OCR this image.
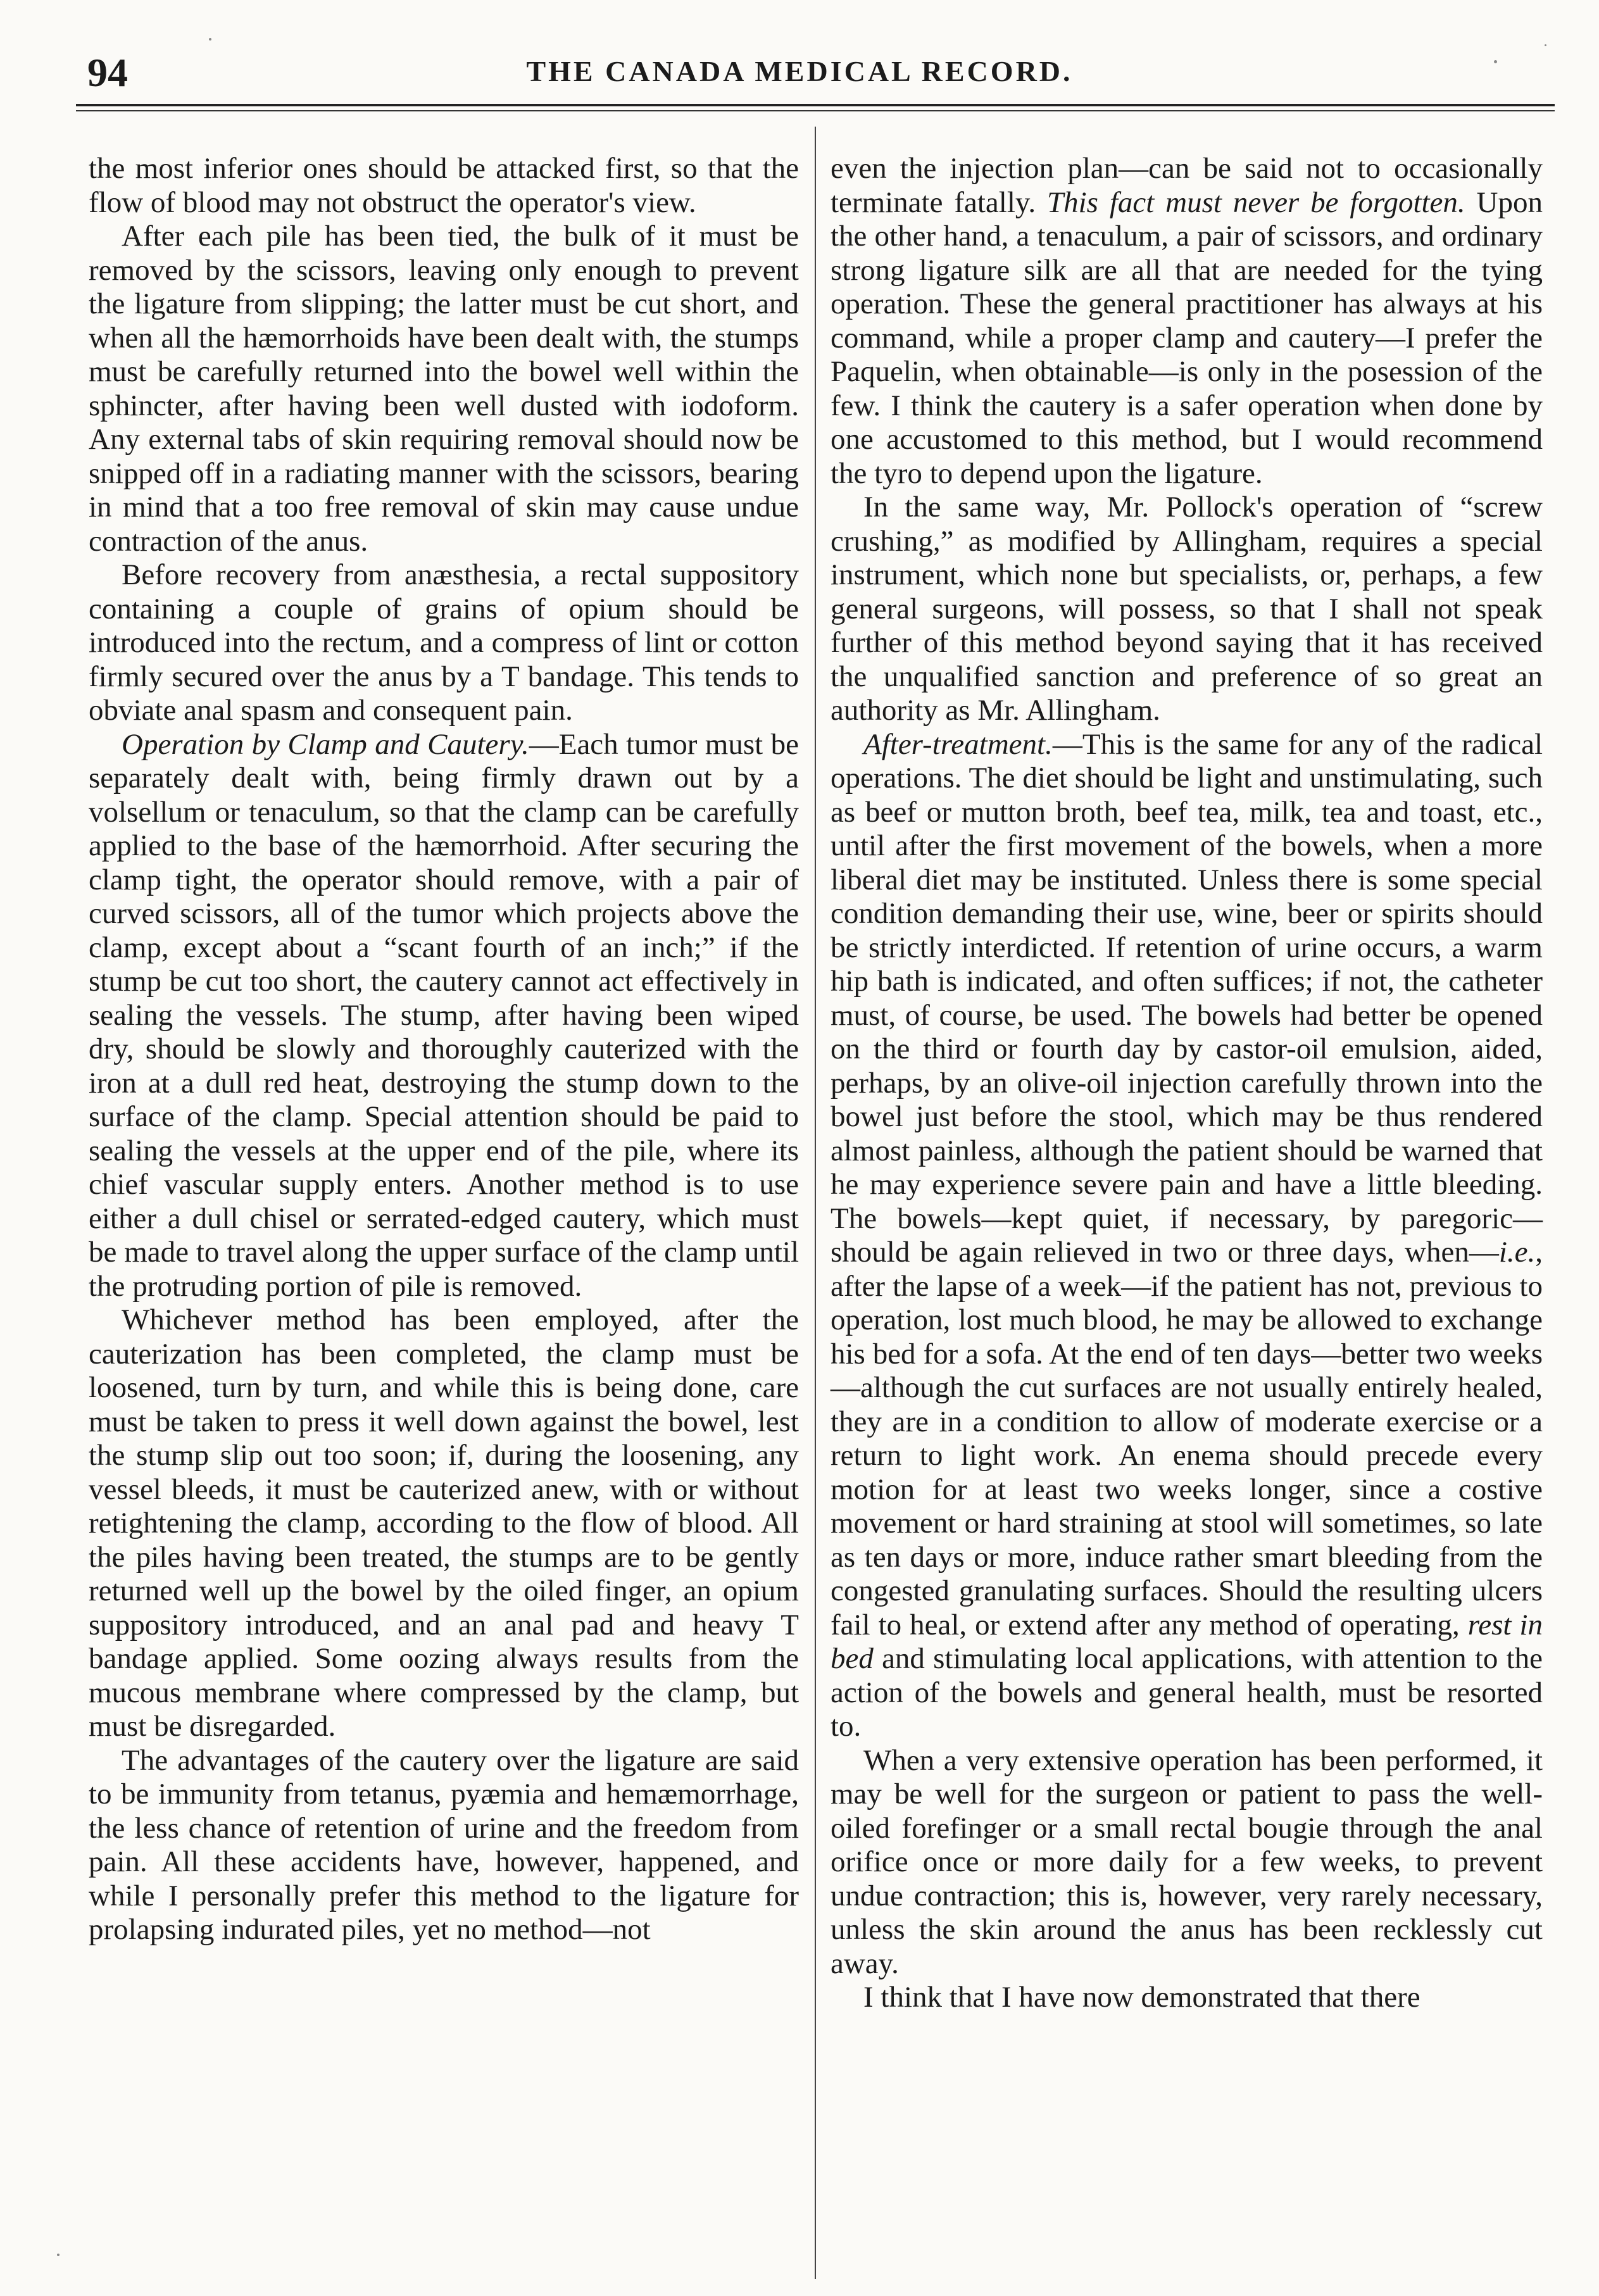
94	THE CANADA MEDICAL RECORD.

the most inferior ones should be attacked first, so that the flow of blood may not obstruct the operator's view.

After each pile has been tied, the bulk of it must be removed by the scissors, leaving only enough to prevent the ligature from slipping; the latter must be cut short, and when all the hæmorrhoids have been dealt with, the stumps must be carefully returned into the bowel well within the sphincter, after having been well dusted with iodoform. Any external tabs of skin requiring removal should now be snipped off in a radiating manner with the scissors, bearing in mind that a too free removal of skin may cause undue contraction of the anus.

Before recovery from anæsthesia, a rectal suppository containing a couple of grains of opium should be introduced into the rectum, and a compress of lint or cotton firmly secured over the anus by a T bandage. This tends to obviate anal spasm and consequent pain.

Operation by Clamp and Cautery.—Each tumor must be separately dealt with, being firmly drawn out by a volsellum or tenaculum, so that the clamp can be carefully applied to the base of the hæmorrhoid. After securing the clamp tight, the operator should remove, with a pair of curved scissors, all of the tumor which projects above the clamp, except about a “scant fourth of an inch;” if the stump be cut too short, the cautery cannot act effectively in sealing the vessels. The stump, after having been wiped dry, should be slowly and thoroughly cauterized with the iron at a dull red heat, destroying the stump down to the surface of the clamp. Special attention should be paid to sealing the vessels at the upper end of the pile, where its chief vascular supply enters. Another method is to use either a dull chisel or serrated-edged cautery, which must be made to travel along the upper surface of the clamp until the protruding portion of pile is removed.

Whichever method has been employed, after the cauterization has been completed, the clamp must be loosened, turn by turn, and while this is being done, care must be taken to press it well down against the bowel, lest the stump slip out too soon; if, during the loosening, any vessel bleeds, it must be cauterized anew, with or without retightening the clamp, according to the flow of blood. All the piles having been treated, the stumps are to be gently returned well up the bowel by the oiled finger, an opium suppository introduced, and an anal pad and heavy T bandage applied. Some oozing always results from the mucous membrane where compressed by the clamp, but must be disregarded.

The advantages of the cautery over the ligature are said to be immunity from tetanus, pyæmia and hemæmorrhage, the less chance of retention of urine and the freedom from pain. All these accidents have, however, happened, and while I personally prefer this method to the ligature for prolapsing indurated piles, yet no method—not

even the injection plan—can be said not to occasionally terminate fatally. This fact must never be forgotten. Upon the other hand, a tenaculum, a pair of scissors, and ordinary strong ligature silk are all that are needed for the tying operation. These the general practitioner has always at his command, while a proper clamp and cautery—I prefer the Paquelin, when obtainable—is only in the posession of the few. I think the cautery is a safer operation when done by one accustomed to this method, but I would recommend the tyro to depend upon the ligature.

In the same way, Mr. Pollock's operation of “screw crushing,” as modified by Allingham, requires a special instrument, which none but specialists, or, perhaps, a few general surgeons, will possess, so that I shall not speak further of this method beyond saying that it has received the unqualified sanction and preference of so great an authority as Mr. Allingham.

After-treatment.—This is the same for any of the radical operations. The diet should be light and unstimulating, such as beef or mutton broth, beef tea, milk, tea and toast, etc., until after the first movement of the bowels, when a more liberal diet may be instituted. Unless there is some special condition demanding their use, wine, beer or spirits should be strictly interdicted. If retention of urine occurs, a warm hip bath is indicated, and often suffices; if not, the catheter must, of course, be used. The bowels had better be opened on the third or fourth day by castor-oil emulsion, aided, perhaps, by an olive-oil injection carefully thrown into the bowel just before the stool, which may be thus rendered almost painless, although the patient should be warned that he may experience severe pain and have a little bleeding. The bowels—kept quiet, if necessary, by paregoric—should be again relieved in two or three days, when—i.e., after the lapse of a week—if the patient has not, previous to operation, lost much blood, he may be allowed to exchange his bed for a sofa. At the end of ten days—better two weeks—although the cut surfaces are not usually entirely healed, they are in a condition to allow of moderate exercise or a return to light work. An enema should precede every motion for at least two weeks longer, since a costive movement or hard straining at stool will sometimes, so late as ten days or more, induce rather smart bleeding from the congested granulating surfaces. Should the resulting ulcers fail to heal, or extend after any method of operating, rest in bed and stimulating local applications, with attention to the action of the bowels and general health, must be resorted to.

When a very extensive operation has been performed, it may be well for the surgeon or patient to pass the well-oiled forefinger or a small rectal bougie through the anal orifice once or more daily for a few weeks, to prevent undue contraction; this is, however, very rarely necessary, unless the skin around the anus has been recklessly cut away.

I think that I have now demonstrated that there
